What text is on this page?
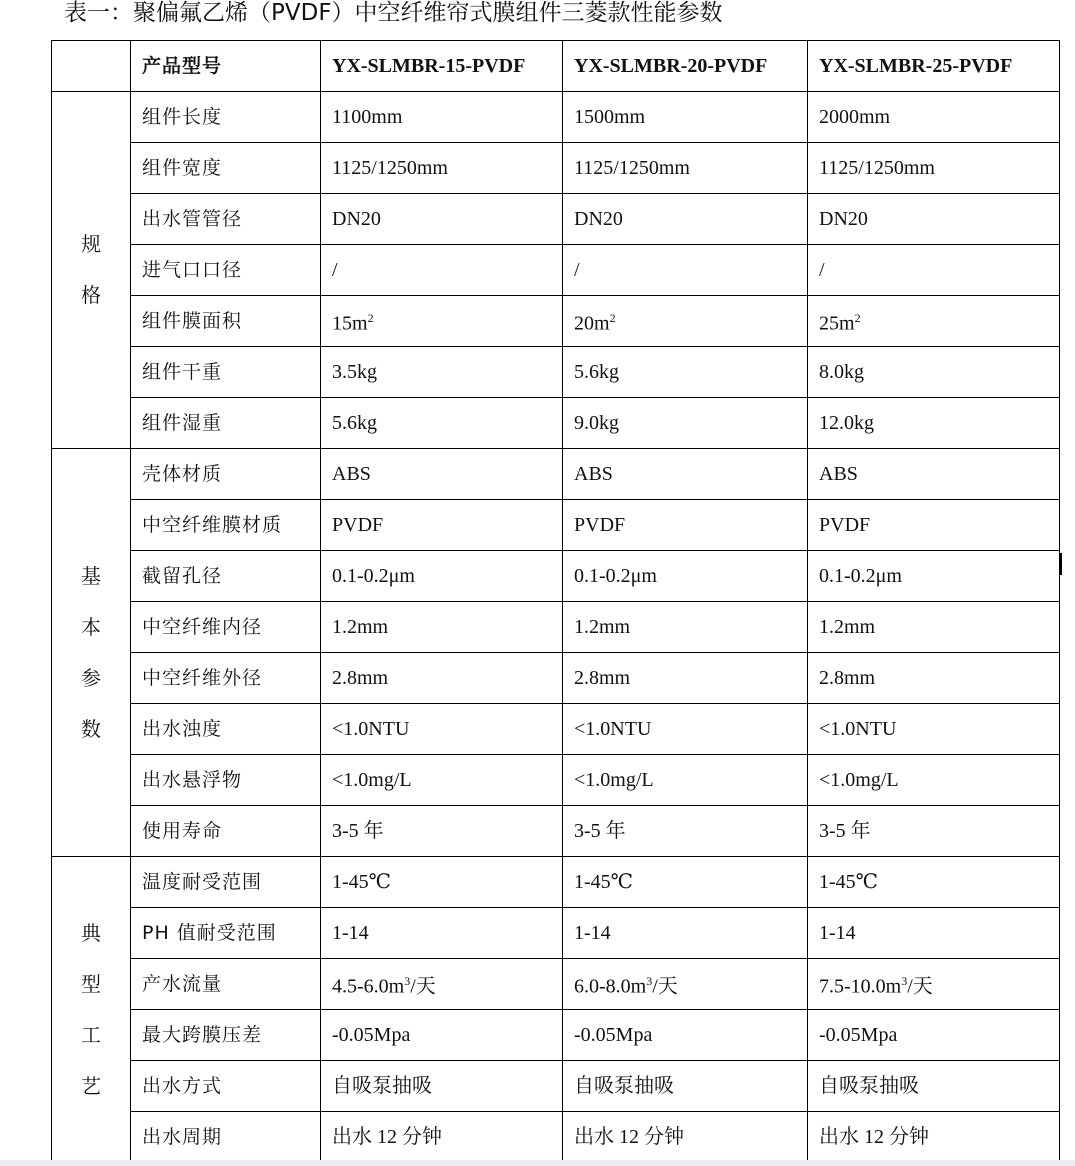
表一：聚偏氟乙烯（PVDF）中空纤维帘式膜组件三菱款性能参数
	产品型号	YX-SLMBR-15-PVDF	YX-SLMBR-20-PVDF	YX-SLMBR-25-PVDF

规
格	组件长度	1100mm	1500mm	2000mm
	组件宽度	1125/1250mm	1125/1250mm	1125/1250mm
	出水管管径	DN20	DN20	DN20
	进气口口径	/	/	/
	组件膜面积	$15m^2$	$20m^2$	$25m^2$
	组件干重	3.5kg	5.6kg	8.0kg
	组件湿重	5.6kg	9.0kg	12.0kg

基
本
参
数	壳体材质	ABS	ABS	ABS
	中空纤维膜材质	PVDF	PVDF	PVDF
	截留孔径	0.1-0.2μm	0.1-0.2μm	0.1-0.2μm
	中空纤维内径	1.2mm	1.2mm	1.2mm
	中空纤维外径	2.8mm	2.8mm	2.8mm
	出水浊度	<1.0NTU	<1.0NTU	<1.0NTU
	出水悬浮物	<1.0mg/L	<1.0mg/L	<1.0mg/L
	使用寿命	3-5 年	3-5 年	3-5 年

典
型
工
艺	温度耐受范围	1-45℃	1-45℃	1-45℃
	PH 值耐受范围	1-14	1-14	1-14
	产水流量	$4.5-6.0m^3/$天	$6.0-8.0m^3/$天	$7.5-10.0m^3/$天
	最大跨膜压差	-0.05Mpa	-0.05Mpa	-0.05Mpa
	出水方式	自吸泵抽吸	自吸泵抽吸	自吸泵抽吸
	出水周期	出水 12 分钟	出水 12 分钟	出水 12 分钟
